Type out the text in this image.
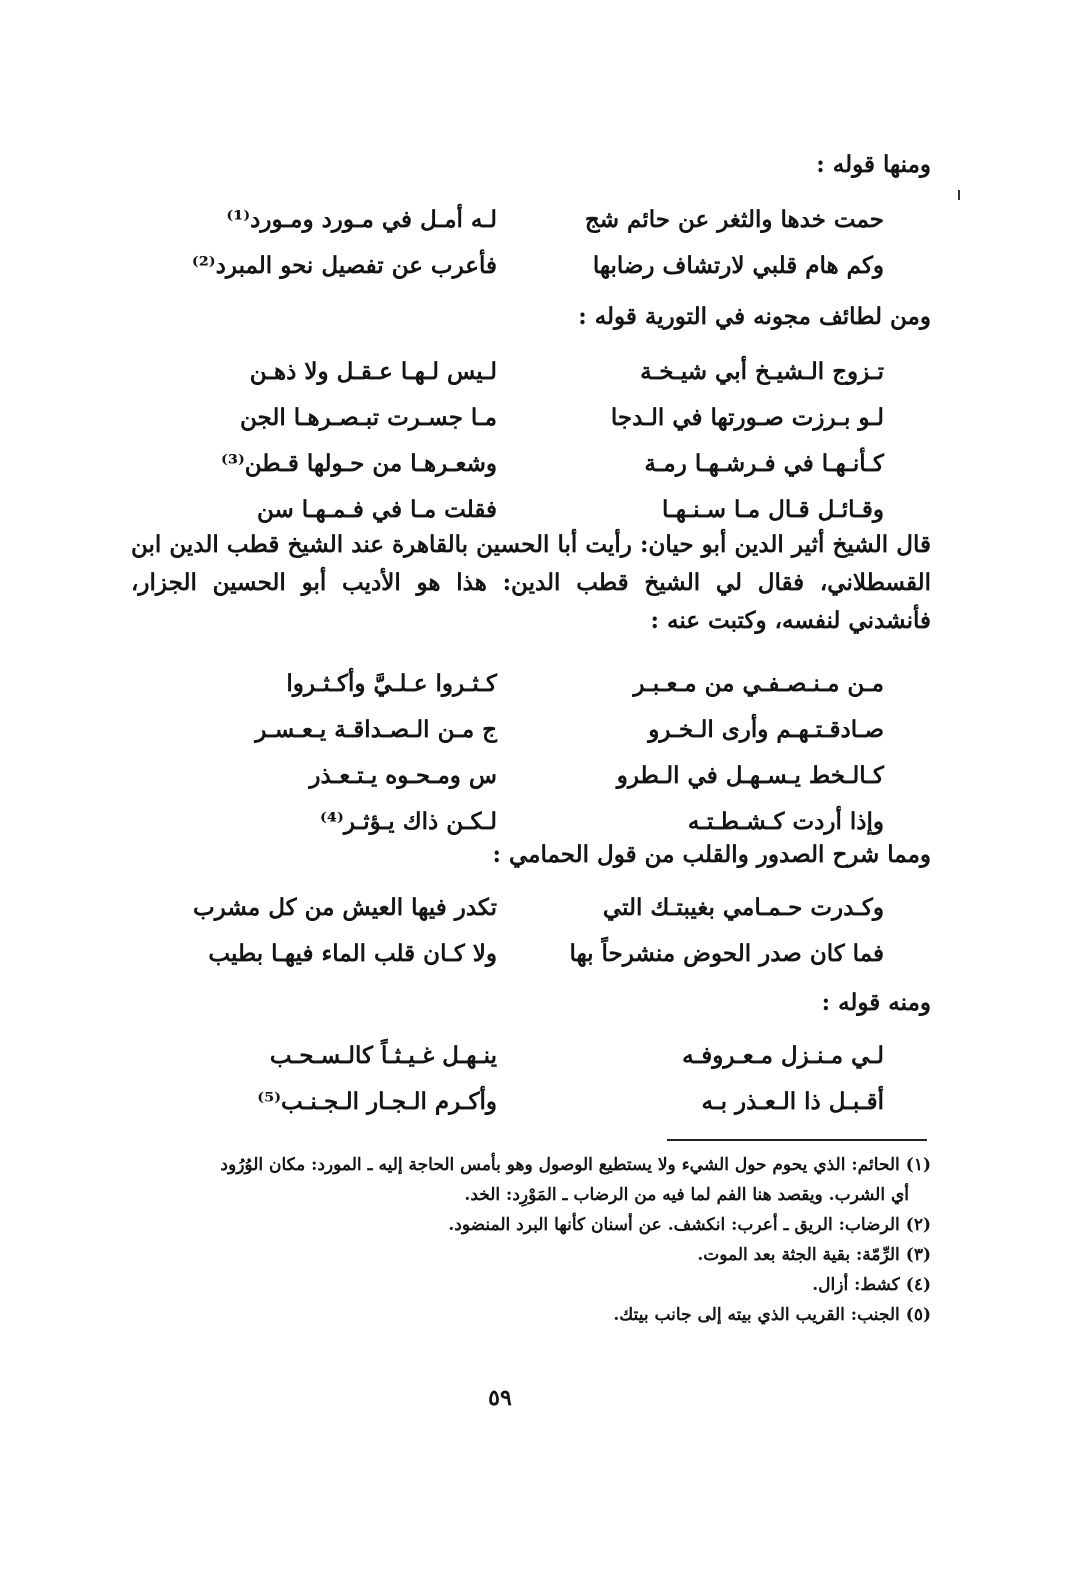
ومنها قوله :
حمت خدها والثغر عن حائم شج
لـه أمـل في مـورد ومـورد⁽¹⁾
وكم هام قلبي لارتشاف رضابها
فأعرب عن تفصيل نحو المبرد⁽²⁾
ومن لطائف مجونه في التورية قوله :
تـزوج الـشيـخ أبي شيـخـة
لـيس لـهـا عـقـل ولا ذهـن
لـو بـرزت صـورتها في الـدجا
مـا جسـرت تبـصـرهـا الجن
كـأنـهـا في فـرشـهـا رمـة
وشعـرهـا من حـولها قـطن⁽³⁾
وقـائـل قـال مـا سـنـهـا
فقلت مـا في فـمـهـا سن
قال الشيخ أثير الدين أبو حيان: رأيت أبا الحسين بالقاهرة عند الشيخ قطب الدين ابن القسطلاني، فقال لي الشيخ قطب الدين: هذا هو الأديب أبو الحسين الجزار، فأنشدني لنفسه، وكتبت عنه :
مـن مـنـصـفـي من مـعـبـر
كـثـروا عـلـيَّ وأكـثـروا
صـادقـتـهـم وأرى الـخـرو
ج مـن الـصـداقـة يـعـسـر
كـالـخط يـسـهـل في الـطرو
س ومـحـوه يـتـعـذر
وإذا أردت كـشـطـتـه
لـكـن ذاك يـؤثـر⁽⁴⁾
ومما شرح الصدور والقلب من قول الحمامي :
وكـدرت حـمـامي بغيبتـك التي
تكدر فيها العيش من كل مشرب
فما كان صدر الحوض منشرحاً بها
ولا كـان قلب الماء فيهـا بطيب
ومنه قوله :
لـي مـنـزل مـعـروفـه
ينـهـل غـيـثـاً كالـسـحـب
أقـبـل ذا الـعـذر بـه
وأكـرم الـجـار الـجـنـب⁽⁵⁾
(١)الحائم: الذي يحوم حول الشيء ولا يستطيع الوصول وهو بأمس الحاجة إليه ـ المورد: مكان الوُرُود
أي الشرب. ويقصد هنا الفم لما فيه من الرضاب ـ المَوْرِد: الخد.
(٢)الرضاب: الريق ـ أعرب: انكشف. عن أسنان كأنها البرد المنضود.
(٣)الرِّمّة: بقية الجثة بعد الموت.
(٤)كشط: أزال.
(٥)الجنب: القريب الذي بيته إلى جانب بيتك.
٥٩
